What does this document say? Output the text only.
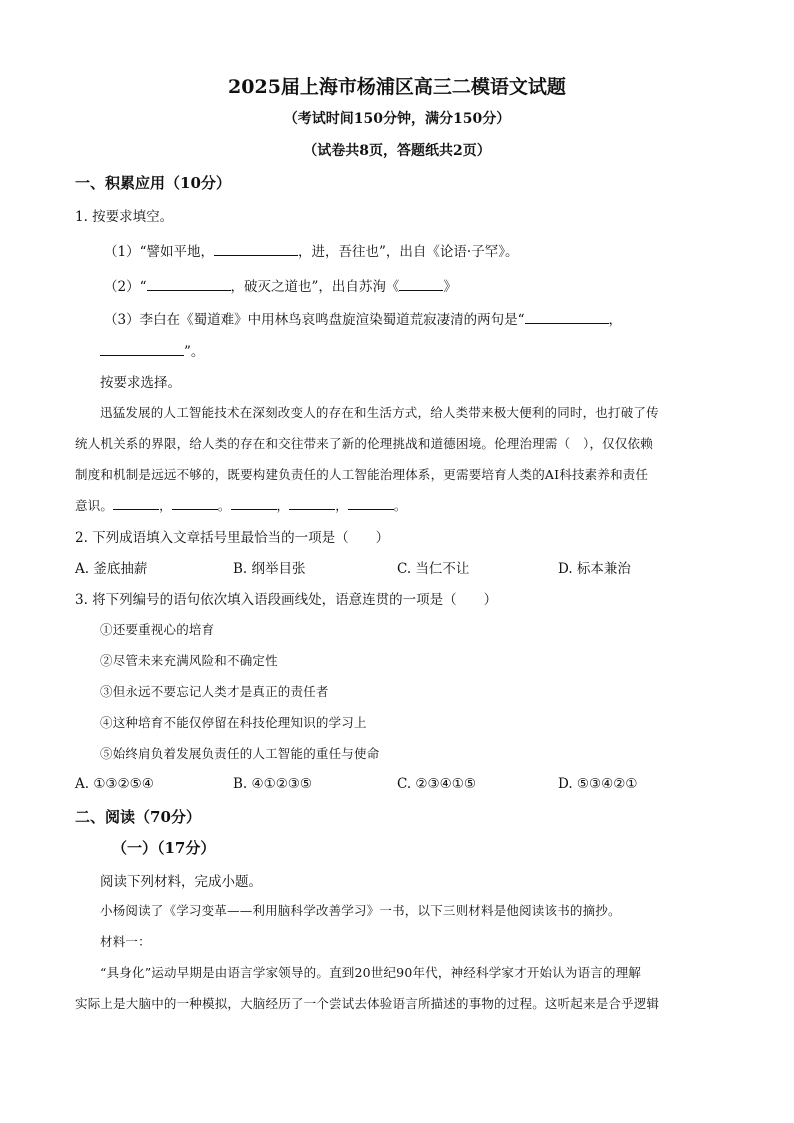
2025届上海市杨浦区高三二模语文试题
（考试时间150分钟，满分150分）
（试卷共8页，答题纸共2页）
一、积累应用（10分）
1. 按要求填空。
（1）“譬如平地，	，进，吾往也”，出自《论语·子罕》。
（2）“	，破灭之道也”，出自苏洵《	》
（3）李白在《蜀道难》中用林鸟哀鸣盘旋渲染蜀道荒寂凄清的两句是“	，
”。
按要求选择。
迅猛发展的人工智能技术在深刻改变人的存在和生活方式，给人类带来极大便利的同时，也打破了传
统人机关系的界限，给人类的存在和交往带来了新的伦理挑战和道德困境。伦理治理需（　），仅仅依赖
制度和机制是远远不够的，既要构建负责任的人工智能治理体系，更需要培育人类的AI科技素养和责任
意识。	，	。	，	，	。
2. 下列成语填入文章括号里最恰当的一项是（　　）
A. 釜底抽薪	B. 纲举目张	C. 当仁不让	D. 标本兼治
3. 将下列编号的语句依次填入语段画线处，语意连贯的一项是（　　）
①还要重视心的培育
②尽管未来充满风险和不确定性
③但永远不要忘记人类才是真正的责任者
④这种培育不能仅停留在科技伦理知识的学习上
⑤始终肩负着发展负责任的人工智能的重任与使命
A. ①③②⑤④	B. ④①②③⑤	C. ②③④①⑤	D. ⑤③④②①
二、阅读（70分）
（一）（17分）
阅读下列材料，完成小题。
小杨阅读了《学习变革——利用脑科学改善学习》一书，以下三则材料是他阅读该书的摘抄。
材料一：
“具身化”运动早期是由语言学家领导的。直到20世纪90年代，神经科学家才开始认为语言的理解
实际上是大脑中的一种模拟，大脑经历了一个尝试去体验语言所描述的事物的过程。这听起来是合乎逻辑
